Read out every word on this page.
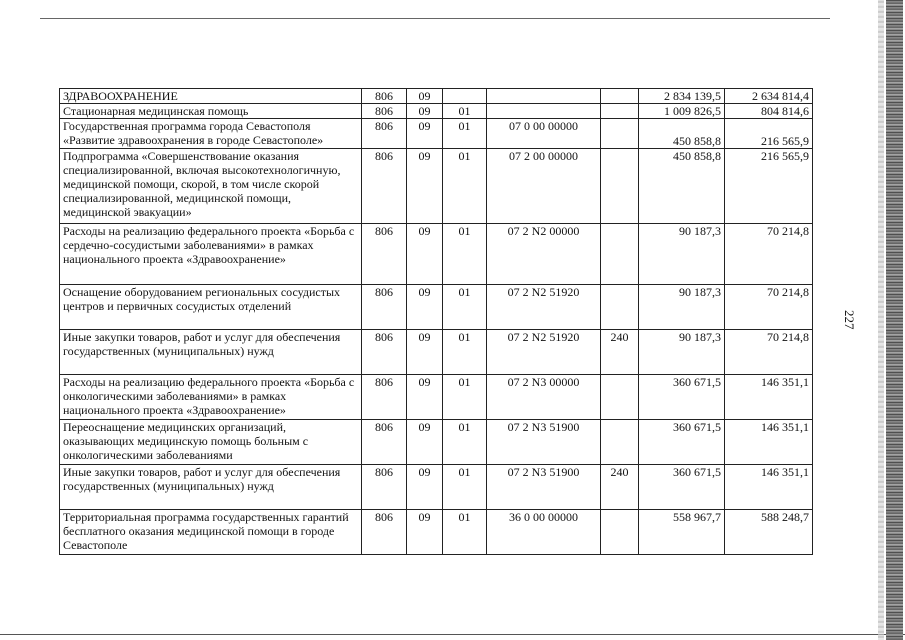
227
ЗДРАВООХРАНЕНИЕ	806	09				2 834 139,5	2 634 814,4
Стационарная медицинская помощь	806	09	01			1 009 826,5	804 814,6
Государственная программа города Севастополя «Развитие здравоохранения в городе Севастополе»	806	09	01	07 0 00 00000		450 858,8	216 565,9
Подпрограмма «Совершенствование оказания специализированной, включая высокотехнологичную, медицинской помощи, скорой, в том числе скорой специализированной, медицинской помощи, медицинской эвакуации»	806	09	01	07 2 00 00000		450 858,8	216 565,9
Расходы на реализацию федерального проекта «Борьба с сердечно-сосудистыми заболеваниями» в рамках национального проекта «Здравоохранение»	806	09	01	07 2 N2 00000		90 187,3	70 214,8
Оснащение оборудованием региональных сосудистых центров и первичных сосудистых отделений	806	09	01	07 2 N2 51920		90 187,3	70 214,8
Иные закупки товаров, работ и услуг для обеспечения государственных (муниципальных) нужд	806	09	01	07 2 N2 51920	240	90 187,3	70 214,8
Расходы на реализацию федерального проекта «Борьба с онкологическими заболеваниями» в рамках национального проекта «Здравоохранение»	806	09	01	07 2 N3 00000		360 671,5	146 351,1
Переоснащение медицинских организаций, оказывающих медицинскую помощь больным с онкологическими заболеваниями	806	09	01	07 2 N3 51900		360 671,5	146 351,1
Иные закупки товаров, работ и услуг для обеспечения государственных (муниципальных) нужд	806	09	01	07 2 N3 51900	240	360 671,5	146 351,1
Территориальная программа государственных гарантий бесплатного оказания медицинской помощи в городе Севастополе	806	09	01	36 0 00 00000		558 967,7	588 248,7
